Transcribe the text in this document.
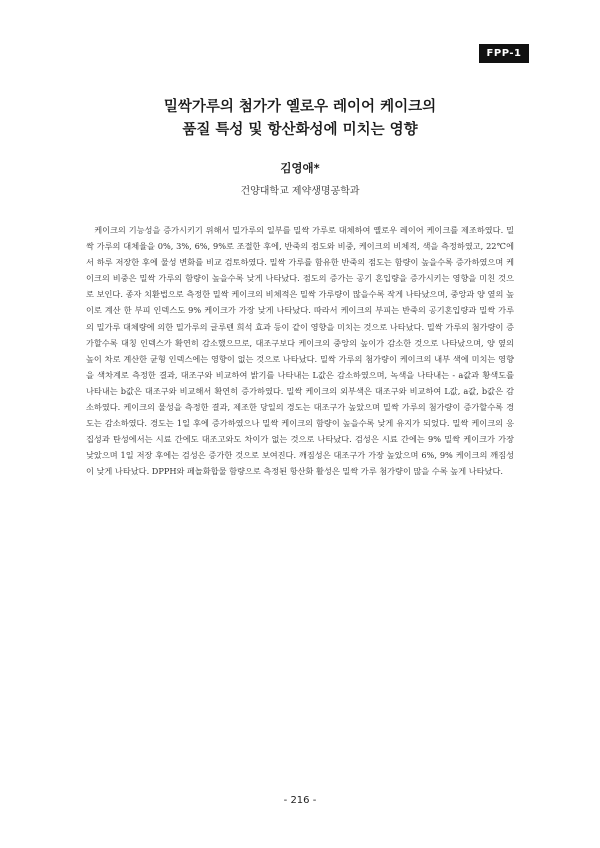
FPP-1
밀싹가루의 첨가가 옐로우 레이어 케이크의
품질 특성 및 항산화성에 미치는 영향
김영애*
건양대학교 제약생명공학과

케이크의 기능성을 증가시키기 위해서 밀가루의 일부를 밀싹 가루로 대체하여 옐로우 레이어 케이크를 제조하였다. 밀싹 가루의 대체율을 0%, 3%, 6%, 9%로 조절한 후에, 반죽의 점도와 비중, 케이크의 비체적, 색을 측정하였고, 22℃에서 하루 저장한 후에 물성 변화를 비교 검토하였다. 밀싹 가루를 함유한 반죽의 점도는 함량이 높을수록 증가하였으며 케이크의 비중은 밀싹 가루의 함량이 높을수록 낮게 나타났다. 점도의 증가는 공기 혼입량을 증가시키는 영향을 미친 것으로 보인다. 종자 치환법으로 측정한 밀싹 케이크의 비체적은 밀싹 가루량이 많을수록 작게 나타났으며, 중앙과 양 옆의 높이로 계산 한 부피 인덱스도 9% 케이크가 가장 낮게 나타났다. 따라서 케이크의 부피는 반죽의 공기혼입량과 밀싹 가루의 밀가루 대체량에 의한 밀가루의 글루텐 희석 효과 등이 같이 영향을 미치는 것으로 나타났다. 밀싹 가루의 첨가량이 증가할수록 대칭 인덱스가 확연히 감소했으므로, 대조구보다 케이크의 중앙의 높이가 감소한 것으로 나타났으며, 양 옆의 높이 차로 계산한 균형 인덱스에는 영향이 없는 것으로 나타났다. 밀싹 가루의 첨가량이 케이크의 내부 색에 미치는 영향을 색차계로 측정한 결과, 대조구와 비교하여 밝기를 나타내는 L값은 감소하였으며, 녹색을 나타내는 - a값과 황색도를 나타내는 b값은 대조구와 비교해서 확연히 증가하였다. 밀싹 케이크의 외부색은 대조구와 비교하여 L값, a값, b값은 감소하였다. 케이크의 물성을 측정한 결과, 제조한 당일의 경도는 대조구가 높았으며 밀싹 가루의 첨가량이 증가할수록 경도는 감소하였다. 경도는 1일 후에 증가하였으나 밀싹 케이크의 함량이 높을수록 낮게 유지가 되었다. 밀싹 케이크의 응집성과 탄성에서는 시료 간에도 대조고와도 차이가 없는 것으로 나타났다. 검성은 시료 간에는 9% 밀싹 케이크가 가장 낮았으며 1일 저장 후에는 검성은 증가한 것으로 보여진다. 깨짐성은 대조구가 가장 높았으며 6%, 9% 케이크의 깨짐성이 낮게 나타났다. DPPH와 페놀화합물 함량으로 측정된 항산화 활성은 밀싹 가루 첨가량이 많을 수록 높게 나타났다.

- 216 -
